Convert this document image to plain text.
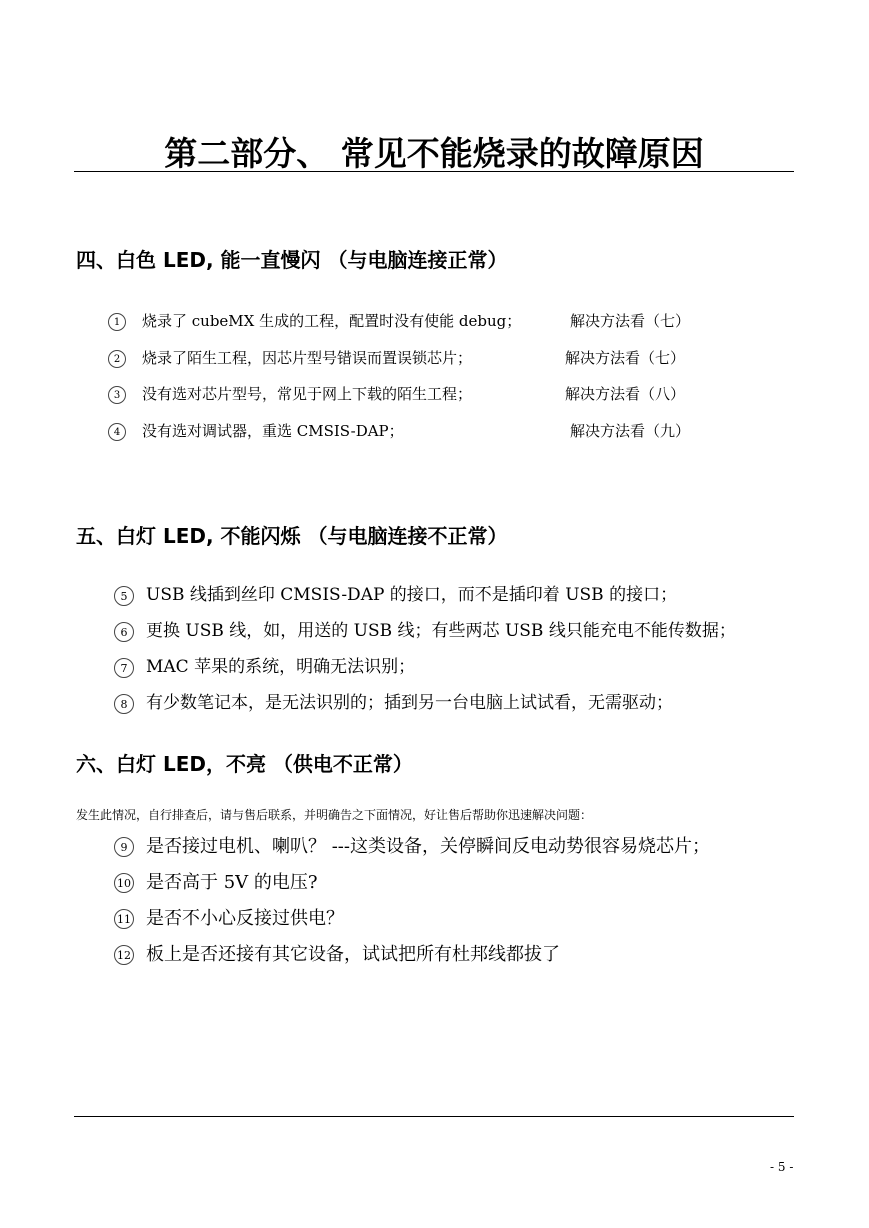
第二部分、 常见不能烧录的故障原因
四、白色 LED, 能一直慢闪 （与电脑连接正常）
1 烧录了 cubeMX 生成的工程，配置时没有使能 debug；	解决方法看（七）
2 烧录了陌生工程，因芯片型号错误而置误锁芯片；	解决方法看（七）
3 没有选对芯片型号，常见于网上下载的陌生工程；	解决方法看（八）
4 没有选对调试器，重选 CMSIS-DAP；	解决方法看（九）
五、白灯 LED, 不能闪烁 （与电脑连接不正常）
5 USB 线插到丝印 CMSIS-DAP 的接口，而不是插印着 USB 的接口；
6 更换 USB 线，如，用送的 USB 线；有些两芯 USB 线只能充电不能传数据；
7 MAC 苹果的系统，明确无法识别；
8 有少数笔记本，是无法识别的；插到另一台电脑上试试看，无需驱动；
六、白灯 LED，不亮 （供电不正常）

发生此情况，自行排查后，请与售后联系，并明确告之下面情况，好让售后帮助你迅速解决问题：

9 是否接过电机、喇叭？ ---这类设备，关停瞬间反电动势很容易烧芯片；
10 是否高于 5V 的电压?
11 是否不小心反接过供电？
12 板上是否还接有其它设备，试试把所有杜邦线都拔了

- 5 -
